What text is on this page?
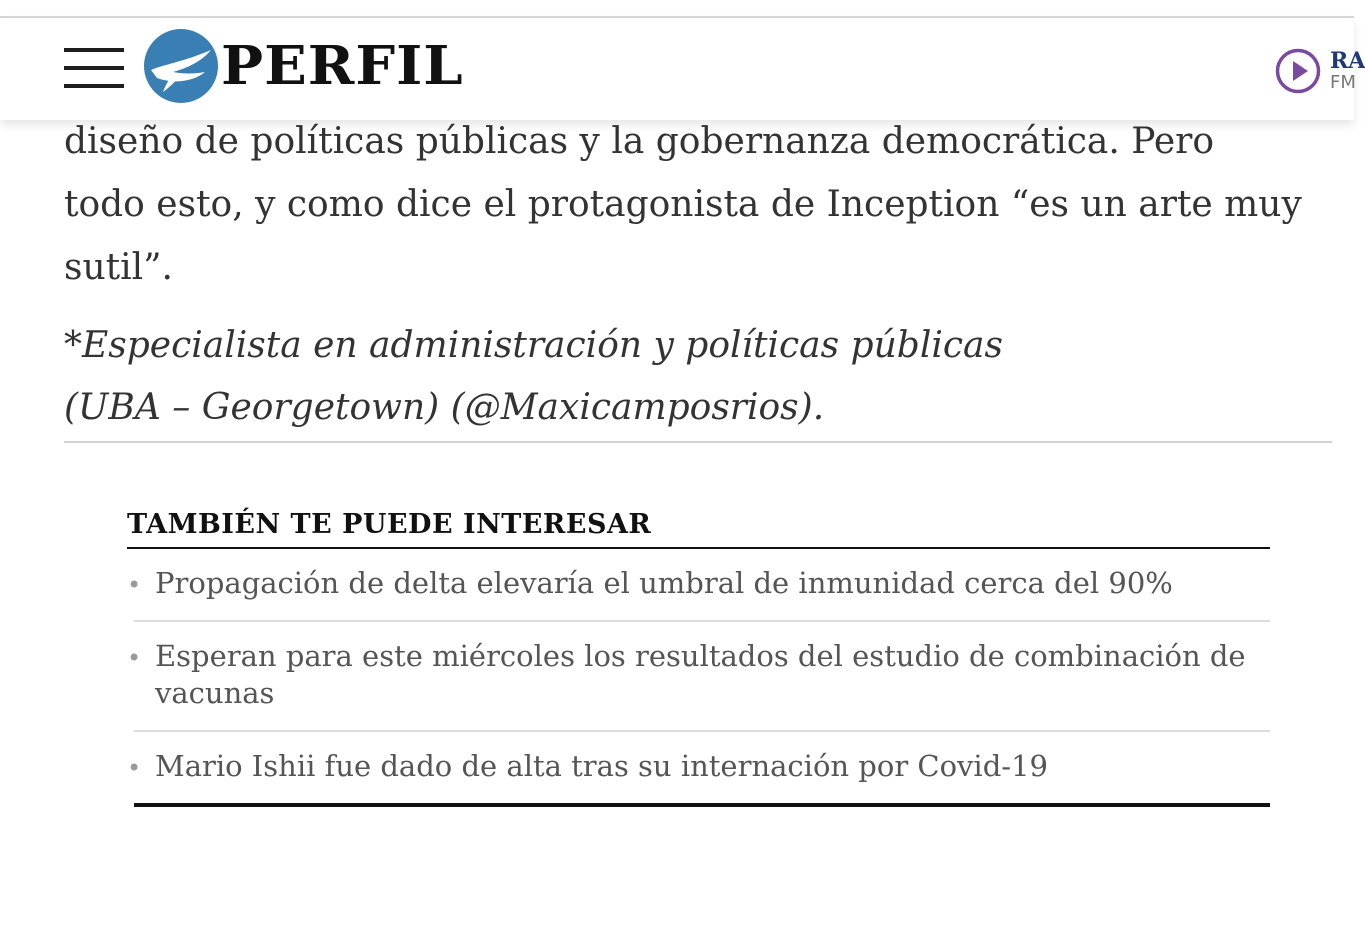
PERFIL	RA
FM

diseño de políticas públicas y la gobernanza democrática. Pero todo esto, y como dice el protagonista de Inception “es un arte muy sutil”.

*Especialista en administración y políticas públicas (UBA – Georgetown) (@Maxicamposrios).

TAMBIÉN TE PUEDE INTERESAR
• Propagación de delta elevaría el umbral de inmunidad cerca del 90%
• Esperan para este miércoles los resultados del estudio de combinación de vacunas
• Mario Ishii fue dado de alta tras su internación por Covid-19
